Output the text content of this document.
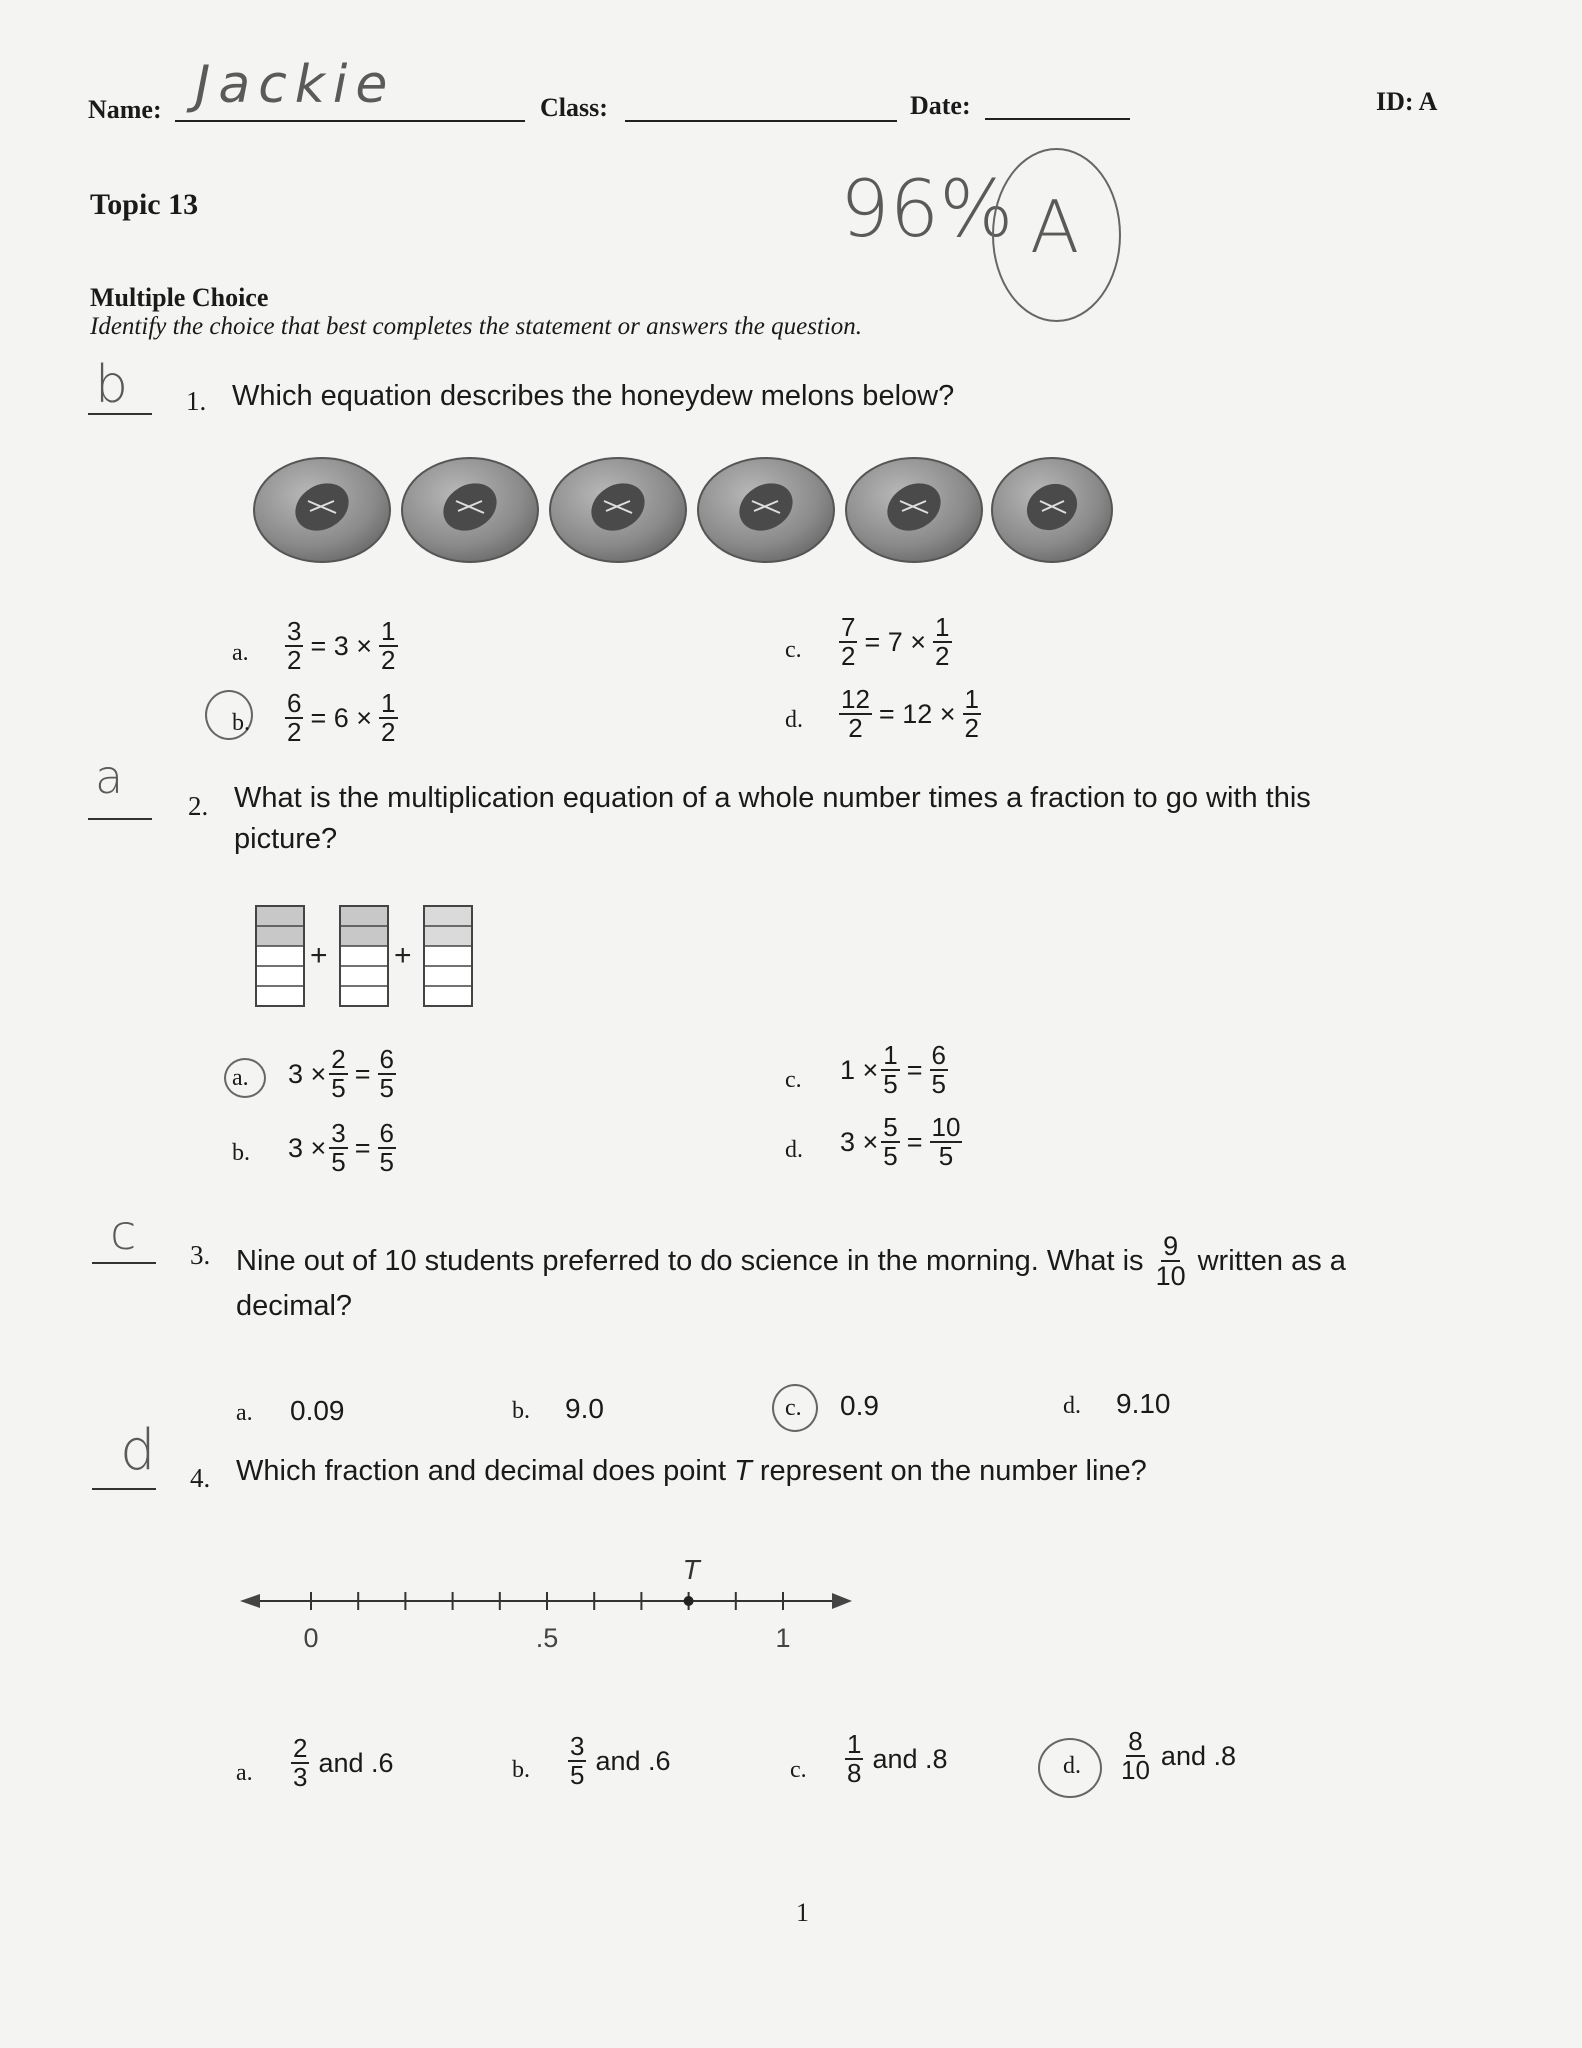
Name: Jackie	Class:	Date:	ID: A
Topic 13	96% A
Multiple Choice
Identify the choice that best completes the statement or answers the question.
b 1. Which equation describes the honeydew melons below?
a. $\frac{3}{2} = 3 \times \frac{1}{2}$
b. $\frac{6}{2} = 6 \times \frac{1}{2}$
c. $\frac{7}{2} = 7 \times \frac{1}{2}$
d. $\frac{12}{2} = 12 \times \frac{1}{2}$
a
2. What is the multiplication equation of a whole number times a fraction to go with this
picture?
+ +
a. $3 \times \frac{2}{5} = \frac{6}{5}$
b. $3 \times \frac{3}{5} = \frac{6}{5}$
c. $1 \times \frac{1}{5} = \frac{6}{5}$
d. $3 \times \frac{5}{5} = \frac{10}{5}$
c 3. Nine out of 10 students preferred to do science in the morning. What is $\frac{9}{10}$ written as a
decimal?
a. 0.09	b. 9.0	c. 0.9	d. 9.10
d 4. Which fraction and decimal does point T represent on the number line?
T
0	.5	1
a. $\frac{2}{3}$ and .6	b. $\frac{3}{5}$ and .6	c. $\frac{1}{8}$ and .8	d. $\frac{8}{10}$ and .8
1
